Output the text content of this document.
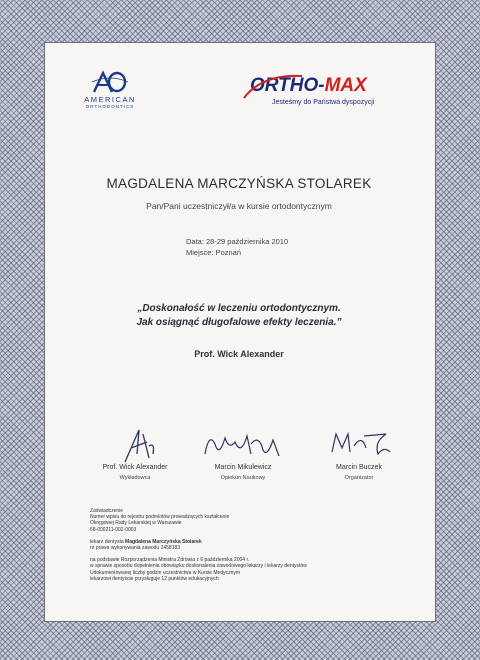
AMERICAN
ORTHODONTICS
ORTHO-MAX
Jesteśmy do Państwa dyspozycji
MAGDALENA MARCZYŃSKA STOLAREK
Pan/Pani uczestniczył/a w kursie ortodontycznym
Data: 28-29 października 2010
Miejsce: Poznań
„Doskonałość w leczeniu ortodontycznym.
Jak osiągnąć długofalowe efekty leczenia.”
Prof. Wick Alexander
Prof. Wick Alexander
Wykładowca
Marcin Mikulewicz
Opiekun Naukowy
Marcin Buczek
Organizator
Zaświadczenie
Numer wpisu do rejestru podmiotów prowadzących kształcenie
Okręgowej Rady Lekarskiej w Warszawie
68-000211-002-0003
lekarz dentysta Magdalena Marczyńska Stolarek
nr prawa wykonywania zawodu 2458183
na podstawie Rozporządzenia Ministra Zdrowia z 6 października 2004 r.
w sprawie sposobu dopełnienia obowiązku doskonalenia zawodowego lekarzy i lekarzy dentystów
Udokumentowanej liczby godzin uczestnictwa w Kursie Medycznym
lekarzowi dentyście przysługuje 12 punktów edukacyjnych
